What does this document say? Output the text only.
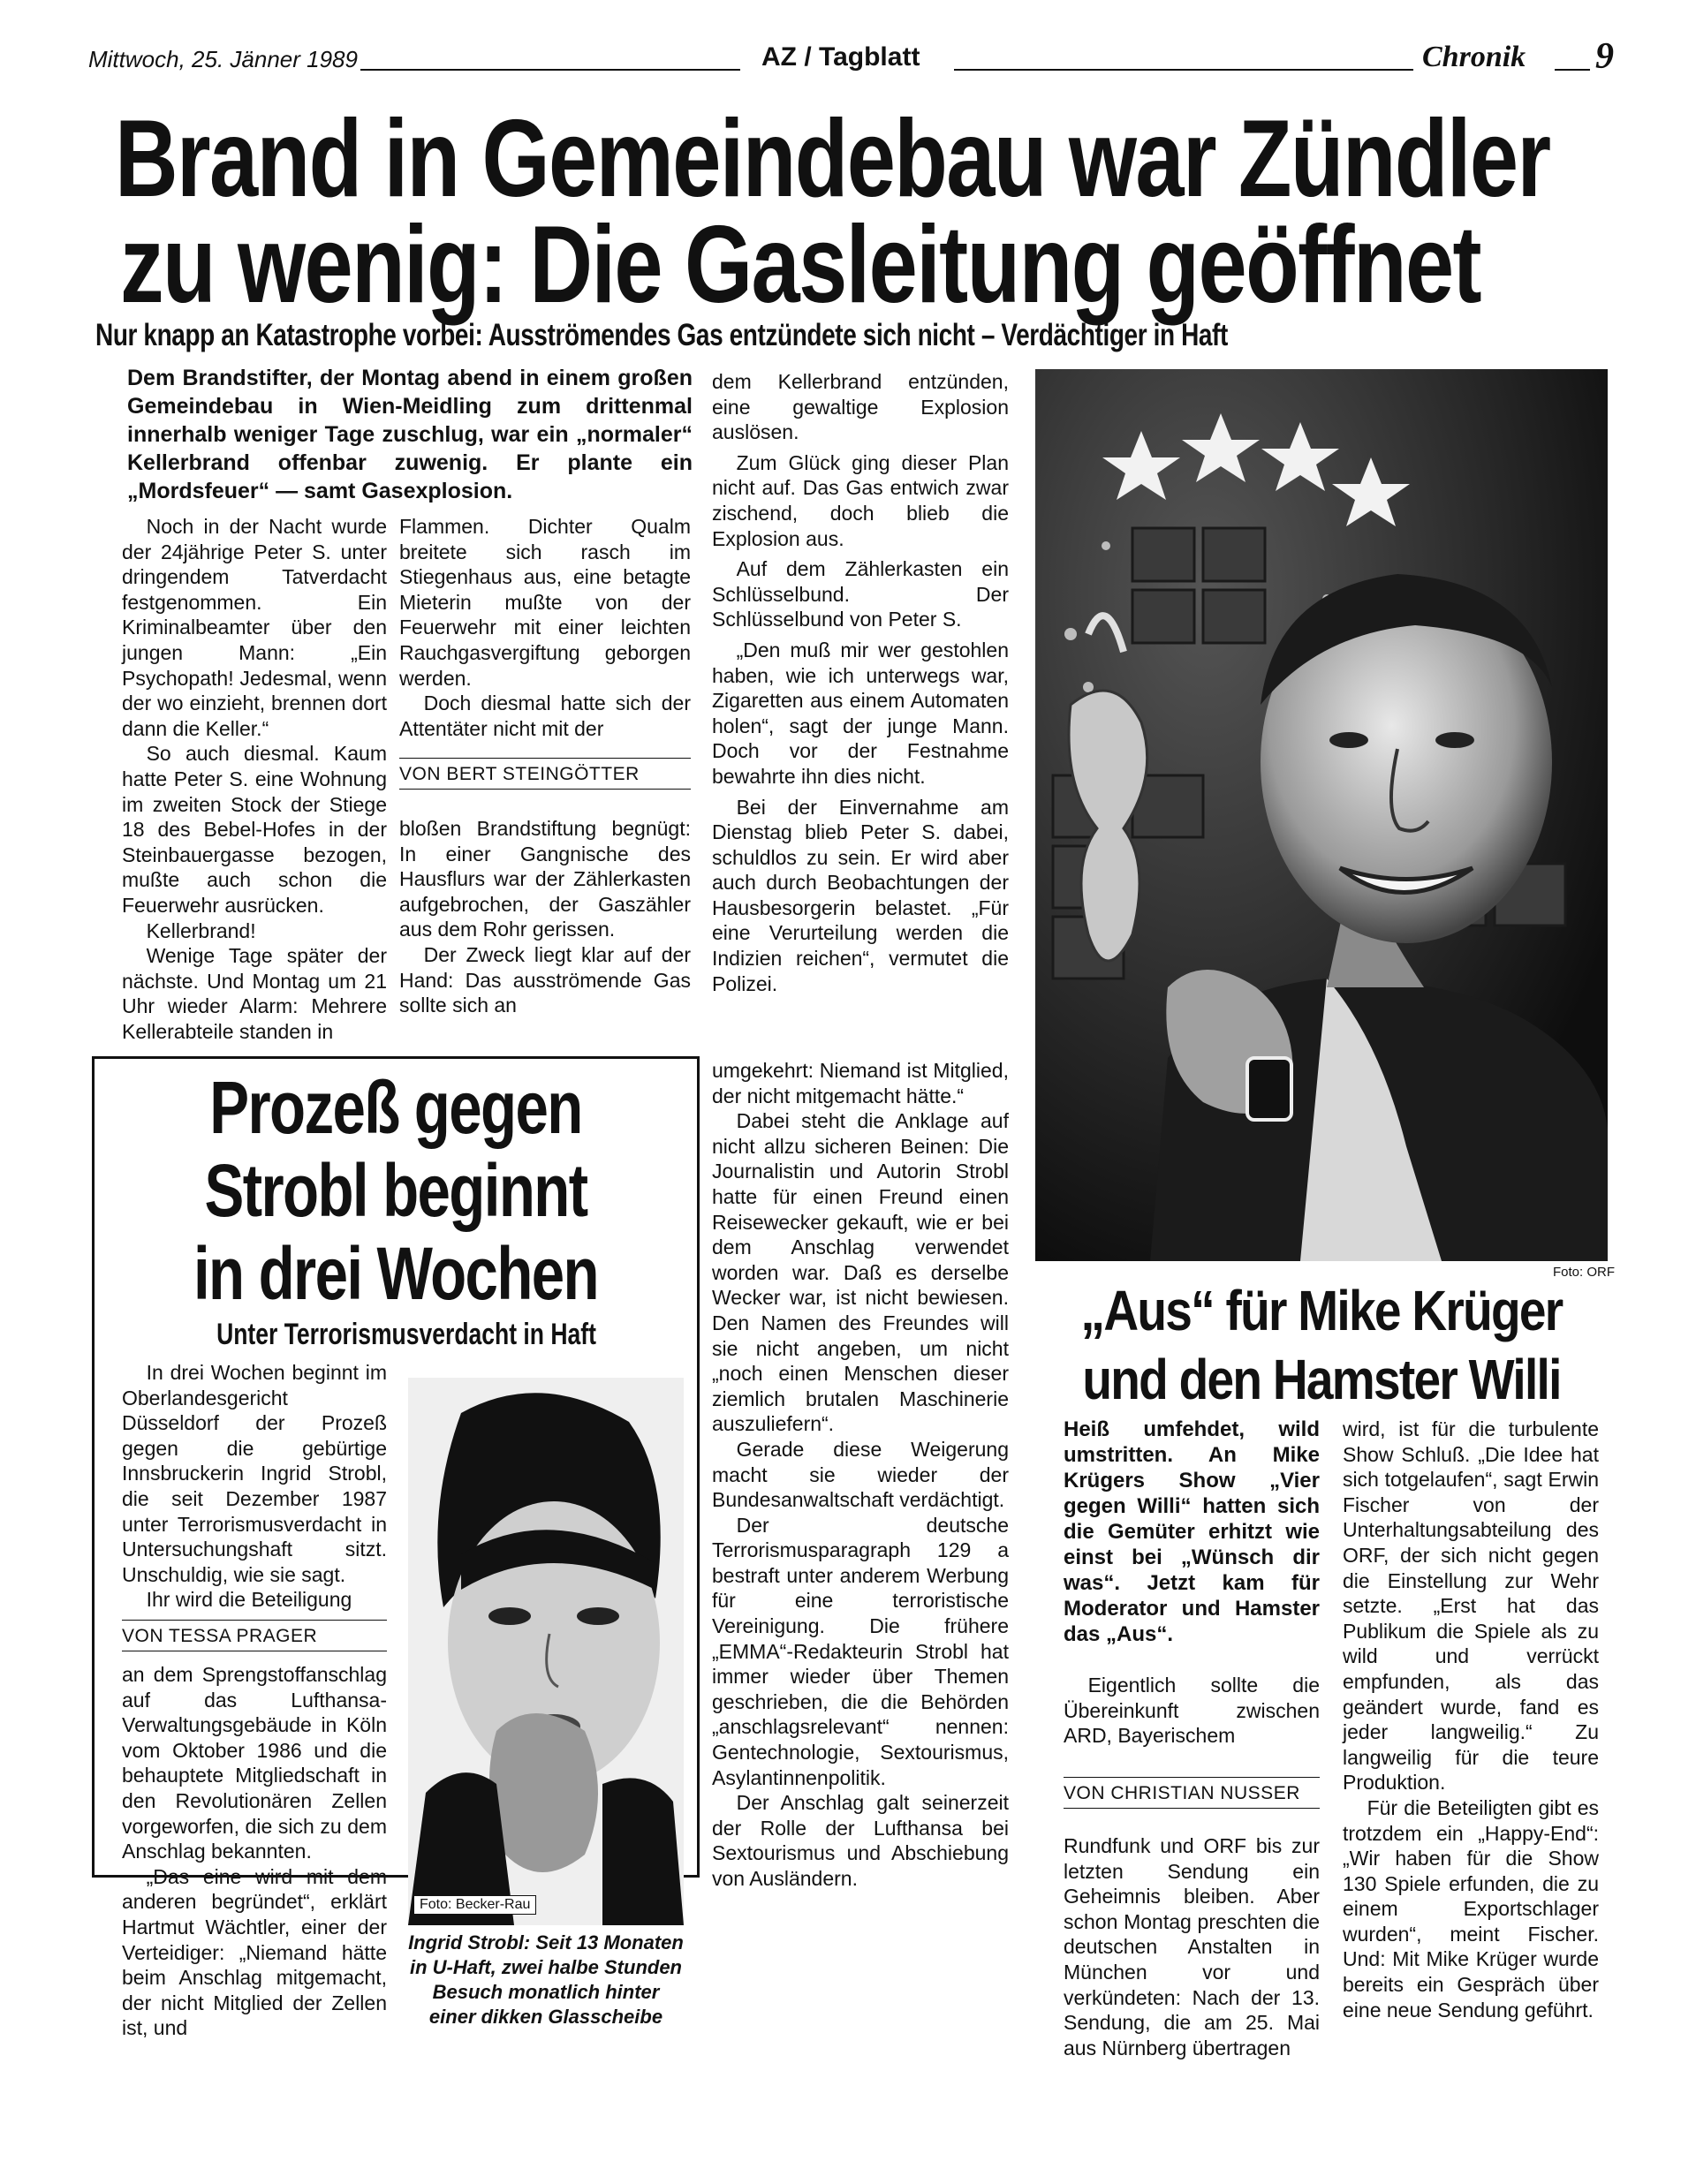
Mittwoch, 25. Jänner 1989	AZ / Tagblatt	Chronik 9
Brand in Gemeindebau war Zündler
zu wenig: Die Gasleitung geöffnet
Nur knapp an Katastrophe vorbei: Ausströmendes Gas entzündete sich nicht – Verdächtiger in Haft
Dem Brandstifter, der Montag abend in einem großen Gemeindebau in Wien-Meidling zum drittenmal innerhalb weniger Tage zuschlug, war ein „normaler“ Kellerbrand offenbar zuwenig. Er plante ein „Mordsfeuer“ — samt Gasexplosion.

Noch in der Nacht wurde der 24jährige Peter S. unter dringendem Tatverdacht festgenommen. Ein Kriminalbeamter über den jungen Mann: „Ein Psychopath! Jedesmal, wenn der wo einzieht, brennen dort dann die Keller.“

So auch diesmal. Kaum hatte Peter S. eine Wohnung im zweiten Stock der Stiege 18 des Bebel-Hofes in der Steinbauergasse bezogen, mußte auch schon die Feuerwehr ausrücken.

Kellerbrand!

Wenige Tage später der nächste. Und Montag um 21 Uhr wieder Alarm: Mehrere Kellerabteile standen in

Flammen. Dichter Qualm breitete sich rasch im Stiegenhaus aus, eine betagte Mieterin mußte von der Feuerwehr mit einer leichten Rauchgasvergiftung geborgen werden.

Doch diesmal hatte sich der Attentäter nicht mit der

VON BERT STEINGÖTTER

bloßen Brandstiftung begnügt: In einer Gangnische des Hausflurs war der Zählerkasten aufgebrochen, der Gaszähler aus dem Rohr gerissen.

Der Zweck liegt klar auf der Hand: Das ausströmende Gas sollte sich an

dem Kellerbrand entzünden, eine gewaltige Explosion auslösen.

Zum Glück ging dieser Plan nicht auf. Das Gas entwich zwar zischend, doch blieb die Explosion aus.

Auf dem Zählerkasten ein Schlüsselbund. Der Schlüsselbund von Peter S.

„Den muß mir wer gestohlen haben, wie ich unterwegs war, Zigaretten aus einem Automaten holen“, sagt der junge Mann. Doch vor der Festnahme bewahrte ihn dies nicht.

Bei der Einvernahme am Dienstag blieb Peter S. dabei, schuldlos zu sein. Er wird aber auch durch Beobachtungen der Hausbesorgerin belastet. „Für eine Verurteilung werden die Indizien reichen“, vermutet die Polizei.

Foto: ORF
„Aus“ für Mike Krüger
und den Hamster Willi
Heiß umfehdet, wild umstritten. An Mike Krügers Show „Vier gegen Willi“ hatten sich die Gemüter erhitzt wie einst bei „Wünsch dir was“. Jetzt kam für Moderator und Hamster das „Aus“.

Eigentlich sollte die Übereinkunft zwischen ARD, Bayerischem

VON CHRISTIAN NUSSER

Rundfunk und ORF bis zur letzten Sendung ein Geheimnis bleiben. Aber schon Montag preschten die deutschen Anstalten in München vor und verkündeten: Nach der 13. Sendung, die am 25. Mai aus Nürnberg übertragen

wird, ist für die turbulente Show Schluß. „Die Idee hat sich totgelaufen“, sagt Erwin Fischer von der Unterhaltungsabteilung des ORF, der sich nicht gegen die Einstellung zur Wehr setzte. „Erst hat das Publikum die Spiele als zu wild und verrückt empfunden, als das geändert wurde, fand es jeder langweilig.“ Zu langweilig für die teure Produktion.

Für die Beteiligten gibt es trotzdem ein „Happy-End“: „Wir haben für die Show 130 Spiele erfunden, die zu einem Exportschlager wurden“, meint Fischer. Und: Mit Mike Krüger wurde bereits ein Gespräch über eine neue Sendung geführt.

Prozeß gegen
Strobl beginnt
in drei Wochen
Unter Terrorismusverdacht in Haft

In drei Wochen beginnt im Oberlandesgericht Düsseldorf der Prozeß gegen die gebürtige Innsbruckerin Ingrid Strobl, die seit Dezember 1987 unter Terrorismusverdacht in Untersuchungshaft sitzt. Unschuldig, wie sie sagt.

Ihr wird die Beteiligung

VON TESSA PRAGER

an dem Sprengstoffanschlag auf das Lufthansa-Verwaltungsgebäude in Köln vom Oktober 1986 und die behauptete Mitgliedschaft in den Revolutionären Zellen vorgeworfen, die sich zu dem Anschlag bekannten.

„Das eine wird mit dem anderen begründet“, erklärt Hartmut Wächtler, einer der Verteidiger: „Niemand hätte beim Anschlag mitgemacht, der nicht Mitglied der Zellen ist, und

Foto: Becker-Rau
Ingrid Strobl: Seit 13 Monaten in U-Haft, zwei halbe Stunden Besuch monatlich hinter einer dikken Glasscheibe

umgekehrt: Niemand ist Mitglied, der nicht mitgemacht hätte.“

Dabei steht die Anklage auf nicht allzu sicheren Beinen: Die Journalistin und Autorin Strobl hatte für einen Freund einen Reisewecker gekauft, wie er bei dem Anschlag verwendet worden war. Daß es derselbe Wecker war, ist nicht bewiesen. Den Namen des Freundes will sie nicht angeben, um nicht „noch einen Menschen dieser ziemlich brutalen Maschinerie auszuliefern“.

Gerade diese Weigerung macht sie wieder der Bundesanwaltschaft verdächtigt.

Der deutsche Terrorismusparagraph 129 a bestraft unter anderem Werbung für eine terroristische Vereinigung. Die frühere „EMMA“-Redakteurin Strobl hat immer wieder über Themen geschrieben, die die Behörden „anschlagsrelevant“ nennen: Gentechnologie, Sextourismus, Asylantinnenpolitik.

Der Anschlag galt seinerzeit der Rolle der Lufthansa bei Sextourismus und Abschiebung von Ausländern.
